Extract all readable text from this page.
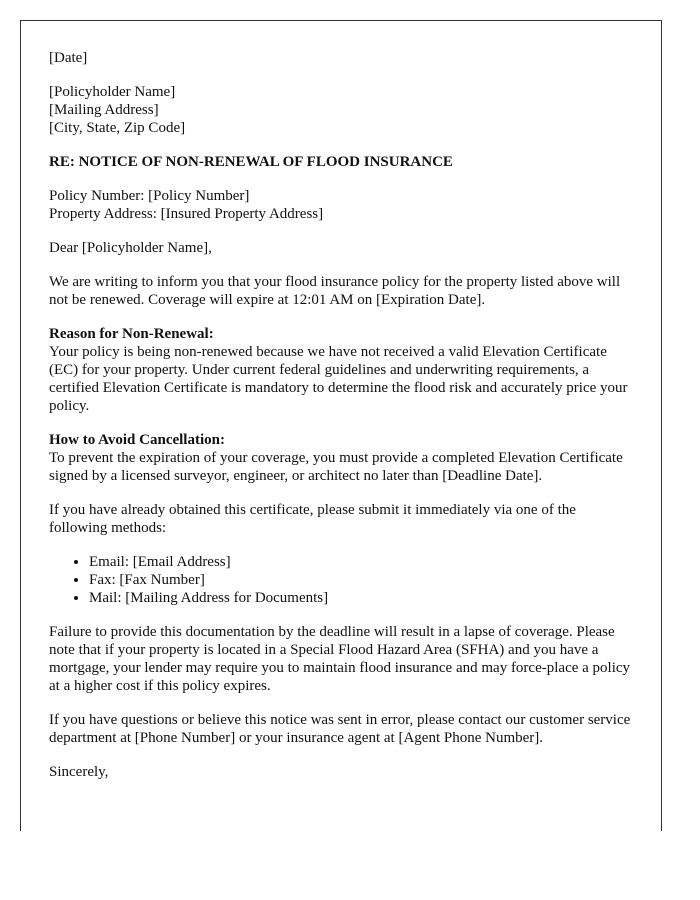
[Date]

[Policyholder Name]
[Mailing Address]
[City, State, Zip Code]

RE: NOTICE OF NON-RENEWAL OF FLOOD INSURANCE

Policy Number: [Policy Number]
Property Address: [Insured Property Address]

Dear [Policyholder Name],

We are writing to inform you that your flood insurance policy for the property listed above will not be renewed. Coverage will expire at 12:01 AM on [Expiration Date].

Reason for Non-Renewal:
Your policy is being non-renewed because we have not received a valid Elevation Certificate (EC) for your property. Under current federal guidelines and underwriting requirements, a certified Elevation Certificate is mandatory to determine the flood risk and accurately price your policy.

How to Avoid Cancellation:
To prevent the expiration of your coverage, you must provide a completed Elevation Certificate signed by a licensed surveyor, engineer, or architect no later than [Deadline Date].

If you have already obtained this certificate, please submit it immediately via one of the following methods:

• Email: [Email Address]
• Fax: [Fax Number]
• Mail: [Mailing Address for Documents]

Failure to provide this documentation by the deadline will result in a lapse of coverage. Please note that if your property is located in a Special Flood Hazard Area (SFHA) and you have a mortgage, your lender may require you to maintain flood insurance and may force-place a policy at a higher cost if this policy expires.

If you have questions or believe this notice was sent in error, please contact our customer service department at [Phone Number] or your insurance agent at [Agent Phone Number].

Sincerely,
